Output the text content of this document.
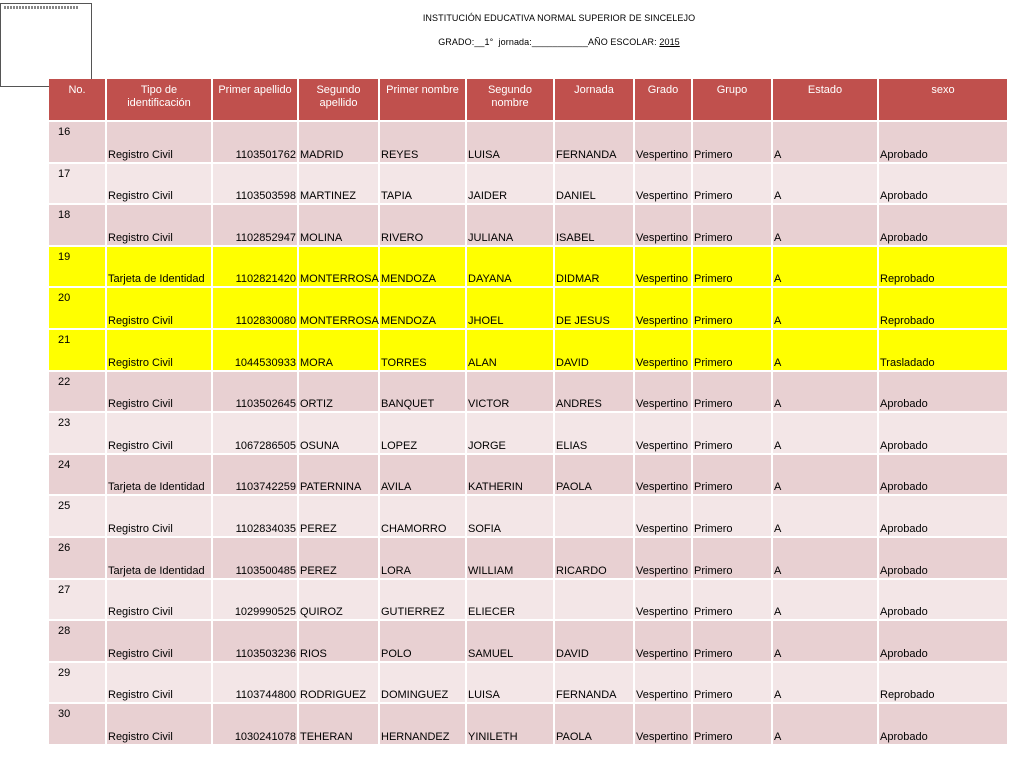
INSTITUCIÓN EDUCATIVA NORMAL SUPERIOR DE SINCELEJO
GRADO:__1° jornada:___________AÑO ESCOLAR: 2015
No.	Tipo de identificación	Primer apellido	Segundo apellido	Primer nombre	Segundo nombre	Jornada	Grado	Grupo	Estado	sexo

16	Registro Civil	1103501762	MADRID	REYES	LUISA	FERNANDA	Vespertino	Primero	A	Aprobado

17	Registro Civil	1103503598	MARTINEZ	TAPIA	JAIDER	DANIEL	Vespertino	Primero	A	Aprobado

18	Registro Civil	1102852947	MOLINA	RIVERO	JULIANA	ISABEL	Vespertino	Primero	A	Aprobado

19	Tarjeta de Identidad	1102821420	MONTERROSA	MENDOZA	DAYANA	DIDMAR	Vespertino	Primero	A	Reprobado

20	Registro Civil	1102830080	MONTERROSA	MENDOZA	JHOEL	DE JESUS	Vespertino	Primero	A	Reprobado

21	Registro Civil	1044530933	MORA	TORRES	ALAN	DAVID	Vespertino	Primero	A	Trasladado

22	Registro Civil	1103502645	ORTIZ	BANQUET	VICTOR	ANDRES	Vespertino	Primero	A	Aprobado

23	Registro Civil	1067286505	OSUNA	LOPEZ	JORGE	ELIAS	Vespertino	Primero	A	Aprobado

24	Tarjeta de Identidad	1103742259	PATERNINA	AVILA	KATHERIN	PAOLA	Vespertino	Primero	A	Aprobado

25	Registro Civil	1102834035	PEREZ	CHAMORRO	SOFIA		Vespertino	Primero	A	Aprobado

26	Tarjeta de Identidad	1103500485	PEREZ	LORA	WILLIAM	RICARDO	Vespertino	Primero	A	Aprobado

27	Registro Civil	1029990525	QUIROZ	GUTIERREZ	ELIECER		Vespertino	Primero	A	Aprobado

28	Registro Civil	1103503236	RIOS	POLO	SAMUEL	DAVID	Vespertino	Primero	A	Aprobado

29	Registro Civil	1103744800	RODRIGUEZ	DOMINGUEZ	LUISA	FERNANDA	Vespertino	Primero	A	Reprobado

30	Registro Civil	1030241078	TEHERAN	HERNANDEZ	YINILETH	PAOLA	Vespertino	Primero	A	Aprobado
